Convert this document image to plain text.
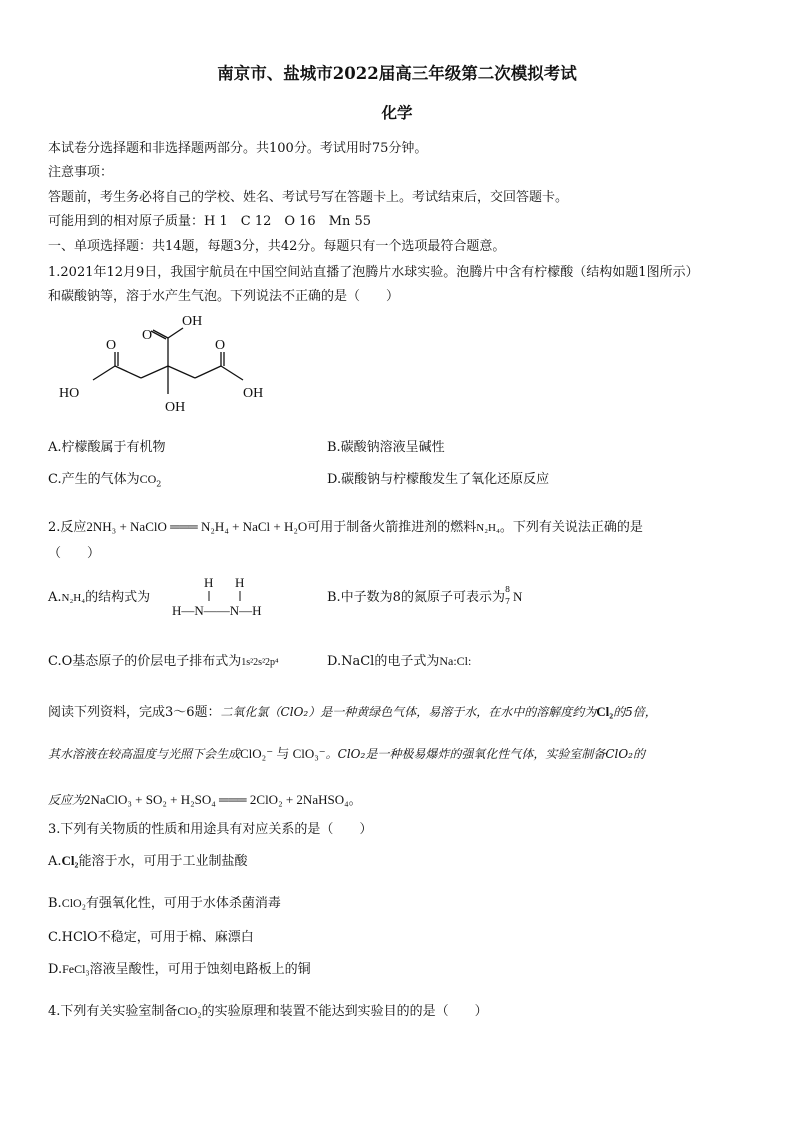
南京市、盐城市2022届高三年级第二次模拟考试
化学
本试卷分选择题和非选择题两部分。共100分。考试用时75分钟。
注意事项：
答题前，考生务必将自己的学校、姓名、考试号写在答题卡上。考试结束后，交回答题卡。
可能用到的相对原子质量：H 1　C 12　O 16　Mn 55
一、单项选择题：共14题，每题3分，共42分。每题只有一个选项最符合题意。
1.2021年12月9日，我国宇航员在中国空间站直播了泡腾片水球实验。泡腾片中含有柠檬酸（结构如题1图所示）
和碳酸钠等，溶于水产生气泡。下列说法不正确的是（　　）
OH
O
O	O
HO	OH
OH
A.柠檬酸属于有机物	B.碳酸钠溶液呈碱性
C.产生的气体为$CO_2$	D.碳酸钠与柠檬酸发生了氧化还原反应
2.反应2NH₃ + NaClO ═══ N₂H₄ + NaCl + H₂O可用于制备火箭推进剂的燃料N₂H₄。下列有关说法正确的是
（　　）
A.N₂H₄的结构式为
H H
H—N——N—H
B.中子数为8的氮原子可表示为
8
7 N
C.O基态原子的价层电子排布式为1s²2s²2p⁴	D.NaCl的电子式为Na:Cl:
阅读下列资料，完成3～6题：二氧化氯（ClO₂）是一种黄绿色气体，易溶于水，在水中的溶解度约为Cl₂的5倍，
其水溶液在较高温度与光照下会生成ClO₂⁻ 与 ClO₃⁻。ClO₂是一种极易爆炸的强氧化性气体，实验室制备ClO₂的
反应为2NaClO₃ + SO₂ + H₂SO₄ ═══ 2ClO₂ + 2NaHSO₄。
3.下列有关物质的性质和用途具有对应关系的是（　　）
A.Cl₂能溶于水，可用于工业制盐酸
B.ClO₂有强氧化性，可用于水体杀菌消毒
C.HClO不稳定，可用于棉、麻漂白
D.FeCl₃溶液呈酸性，可用于蚀刻电路板上的铜
4.下列有关实验室制备ClO₂的实验原理和装置不能达到实验目的的是（　　）
